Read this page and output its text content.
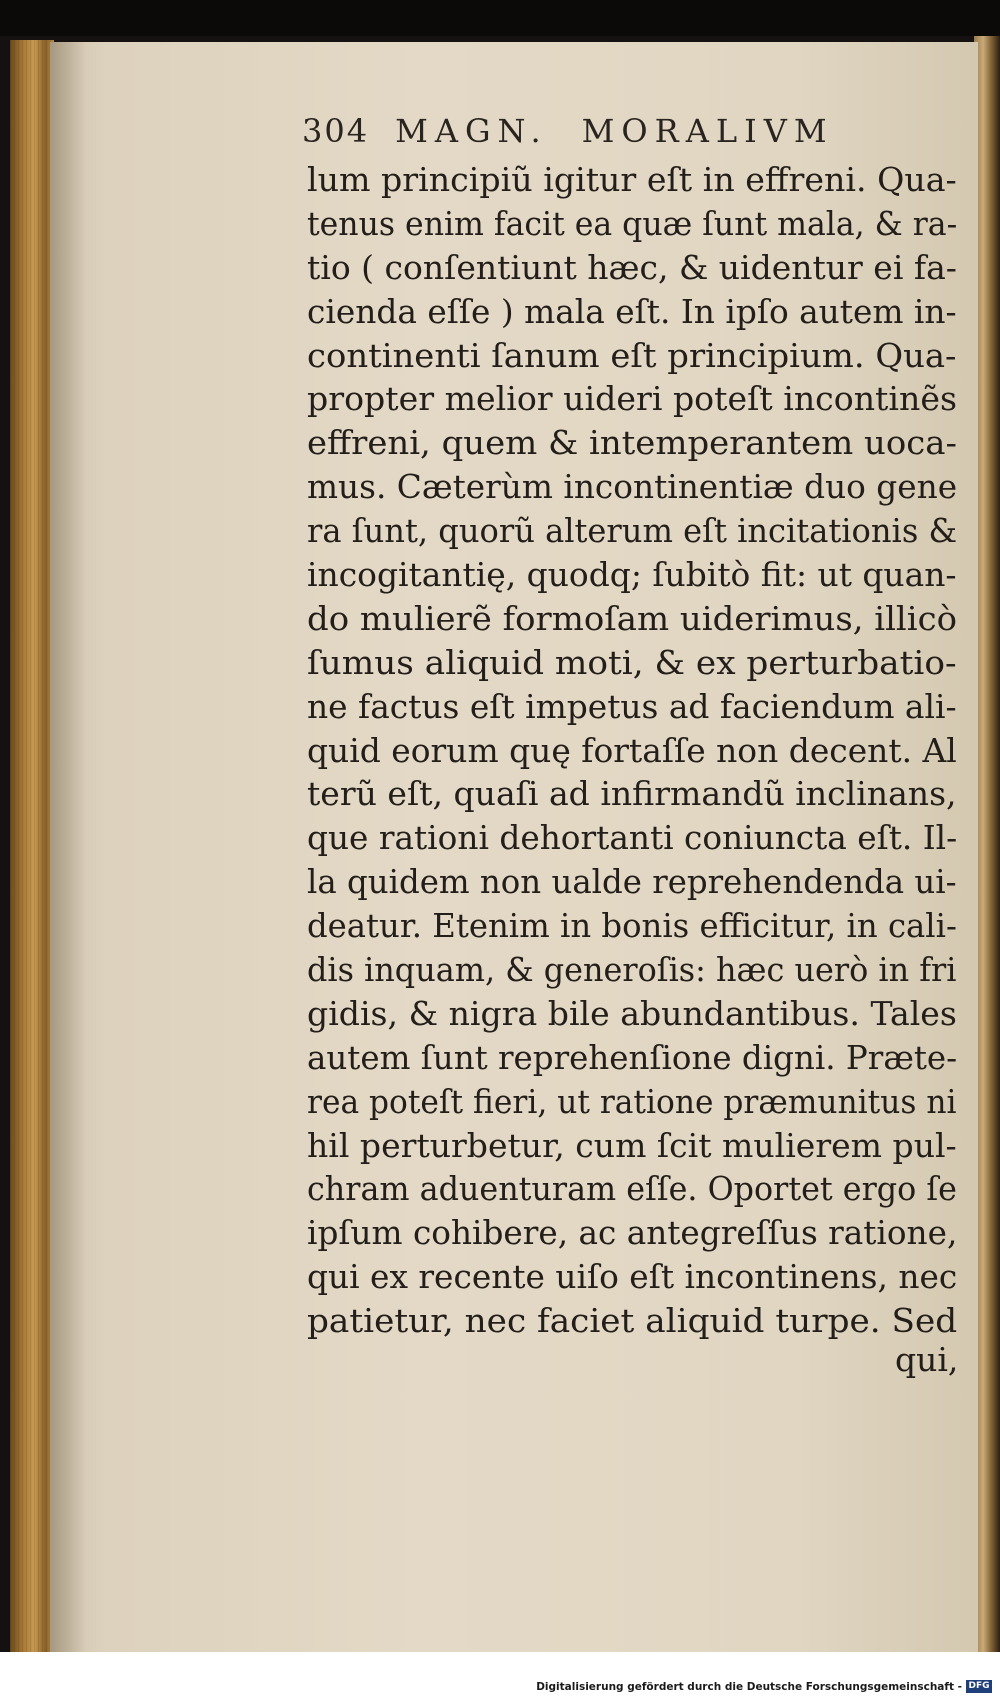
304 MAGN. MORALIVM
lum principiũ igitur eſt in effreni. Qua-
tenus enim facit ea quæ ſunt mala, & ra-
tio ( conſentiunt hæc, & uidentur ei fa-
cienda eſſe ) mala eſt. In ipſo autem in-
continenti ſanum eſt principium. Qua-
propter melior uideri poteſt incontinẽs
effreni, quem & intemperantem uoca-
mus. Cæterùm incontinentiæ duo gene
ra ſunt, quorũ alterum eſt incitationis &
incogitantię, quodq; ſubitò fit: ut quan-
do mulierẽ formoſam uiderimus, illicò
ſumus aliquid moti, & ex perturbatio-
ne factus eſt impetus ad faciendum ali-
quid eorum quę fortaſſe non decent. Al
terũ eſt, quaſi ad infirmandũ inclinans,
que rationi dehortanti coniuncta eſt. Il-
la quidem non ualde reprehendenda ui-
deatur. Etenim in bonis efficitur, in cali-
dis inquam, & generoſis: hæc uerò in fri
gidis, & nigra bile abundantibus. Tales
autem ſunt reprehenſione digni. Præte-
rea poteſt fieri, ut ratione præmunitus ni
hil perturbetur, cum ſcit mulierem pul-
chram aduenturam eſſe. Oportet ergo ſe
ipſum cohibere, ac antegreſſus ratione,
qui ex recente uiſo eſt incontinens, nec
patietur, nec faciet aliquid turpe. Sed
qui,
Digitalisierung gefördert durch die Deutsche Forschungsgemeinschaft - DFG
